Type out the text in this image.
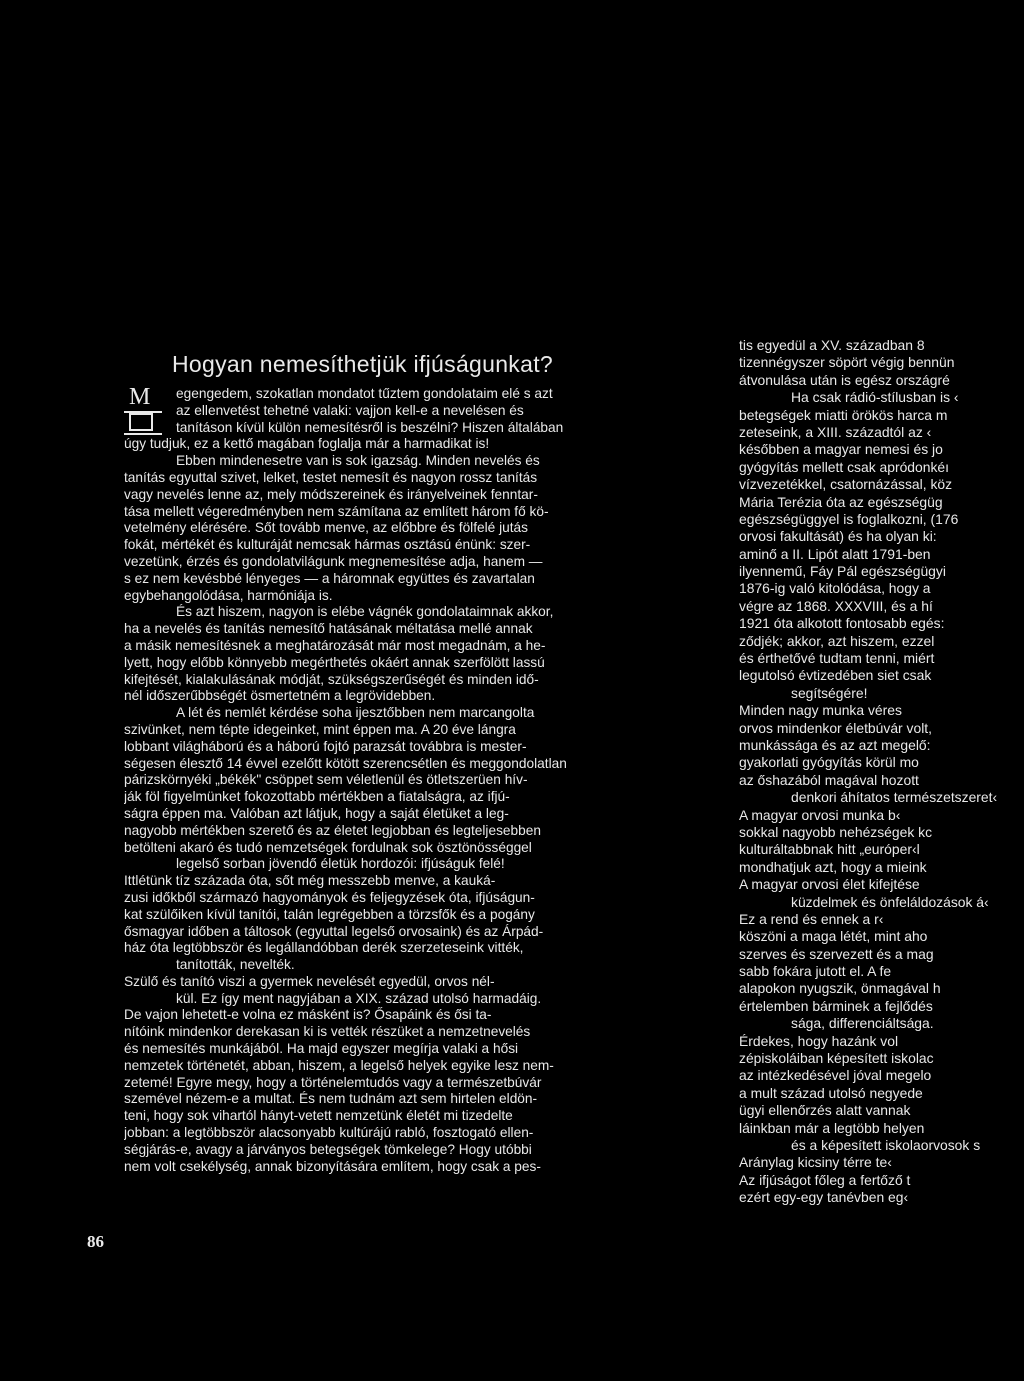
86
Hogyan nemesíthetjük ifjúságunkat?
M	egengedem, szokatlan mondatot tűztem gondolataim elé s azt
az ellenvetést tehetné valaki: vajjon kell-e a nevelésen és
tanításon kívül külön nemesítésről is beszélni? Hiszen általában
úgy tudjuk, ez a kettő magában foglalja már a harmadikat is!
Ebben mindenesetre van is sok igazság. Minden nevelés és
tanítás egyuttal szivet, lelket, testet nemesít és nagyon rossz tanítás
vagy nevelés lenne az, mely módszereinek és irányelveinek fenntar-
tása mellett végeredményben nem számítana az említett három fő kö-
vetelmény elérésére. Sőt tovább menve, az előbbre és fölfelé jutás
fokát, mértékét és kulturáját nemcsak hármas osztású énünk: szer-
vezetünk, érzés és gondolatvilágunk megnemesítése adja, hanem —
s ez nem kevésbbé lényeges — a háromnak együttes és zavartalan
egybehangolódása, harmóniája is.
És azt hiszem, nagyon is elébe vágnék gondolataimnak akkor,
ha a nevelés és tanítás nemesítő hatásának méltatása mellé annak
a másik nemesítésnek a meghatározását már most megadnám, a he-
lyett, hogy előbb könnyebb megérthetés okáért annak szerfölött lassú
kifejtését, kialakulásának módját, szükségszerűségét és minden idő-
nél időszerűbbségét ösmertetném a legrövidebben.
A lét és nemlét kérdése soha ijesztőbben nem marcangolta
szivünket, nem tépte idegeinket, mint éppen ma. A 20 éve lángra
lobbant világháború és a háború fojtó parazsát továbbra is mester-
ségesen élesztő 14 évvel ezelőtt kötött szerencsétlen és meggondolatlan
párizskörnyéki „békék" csöppet sem véletlenül és ötletszerüen hív-
ják föl figyelmünket fokozottabb mértékben a fiatalságra, az ifjú-
ságra éppen ma. Valóban azt látjuk, hogy a saját életüket a leg-
nagyobb mértékben szerető és az életet legjobban és legteljesebben
betölteni akaró és tudó nemzetségek fordulnak sok ösztönösséggel
legelső sorban jövendő életük hordozói: ifjúságuk felé!
Ittlétünk tíz százada óta, sőt még messzebb menve, a kauká-
zusi időkből származó hagyományok és feljegyzések óta, ifjúságun-
kat szülőiken kívül tanítói, talán legrégebben a törzsfők és a pogány
ősmagyar időben a táltosok (egyuttal legelső orvosaink) és az Árpád-
ház óta legtöbbször és legállandóbban derék szerzeteseink vitték,
tanították, nevelték.
Szülő és tanító viszi a gyermek nevelését egyedül, orvos nél-
kül. Ez így ment nagyjában a XIX. század utolsó harmadáig.
De vajon lehetett-e volna ez másként is? Ősapáink és ősi ta-
nítóink mindenkor derekasan ki is vették részüket a nemzetnevelés
és nemesítés munkájából. Ha majd egyszer megírja valaki a hősi
nemzetek történetét, abban, hiszem, a legelső helyek egyike lesz nem-
zetemé! Egyre megy, hogy a történelemtudós vagy a természetbúvár
szemével nézem-e a multat. És nem tudnám azt sem hirtelen eldön-
teni, hogy sok vihartól hányt-vetett nemzetünk életét mi tizedelte
jobban: a legtöbbször alacsonyabb kultúrájú rabló, fosztogató ellen-
ségjárás-e, avagy a járványos betegségek tömkelege? Hogy utóbbi
nem volt csekélység, annak bizonyítására említem, hogy csak a pes-
tis egyedül a XV. században 8
tizennégyszer söpört végig bennün
átvonulása után is egész országré
Ha csak rádió-stílusban is ‹
betegségek miatti örökös harca m
zeteseink, a XIII. századtól az ‹
későbben a magyar nemesi és jo
gyógyítás mellett csak apródonkéı
vízvezetékkel, csatornázással, köz
Mária Terézia óta az egészségüg
egészségüggyel is foglalkozni, (176
orvosi fakultását) és ha olyan ki:
aminő a II. Lipót alatt 1791-ben
ilyennemű, Fáy Pál egészségügyi
1876-ig való kitolódása, hogy a
végre az 1868. XXXVIII, és a hí
1921 óta alkotott fontosabb egés:
ződjék; akkor, azt hiszem, ezzel
és érthetővé tudtam tenni, miért
legutolsó évtizedében siet csak
segítségére!
Minden nagy munka véres
orvos mindenkor életbúvár volt,
munkássága és az azt megelő:
gyakorlati gyógyítás körül mo
az őshazából magával hozott
denkori áhítatos természetszeret‹
A magyar orvosi munka b‹
sokkal nagyobb nehézségek kc
kulturáltabbnak hitt „európer‹l
mondhatjuk azt, hogy a mieink
A magyar orvosi élet kifejtése
küzdelmek és önfeláldozások á‹
Ez a rend és ennek a r‹
köszöni a maga létét, mint aho
szerves és szervezett és a mag
sabb fokára jutott el. A fe
alapokon nyugszik, önmagával h
értelemben bárminek a fejlődés
sága, differenciáltsága.
Érdekes, hogy hazánk vol
zépiskoláiban képesített iskolac
az intézkedésével jóval megelo
a mult század utolsó negyede
ügyi ellenőrzés alatt vannak
láinkban már a legtöbb helyen
és a képesített iskolaorvosok s
Aránylag kicsiny térre te‹
Az ifjúságot főleg a fertőző t
ezért egy-egy tanévben eg‹
